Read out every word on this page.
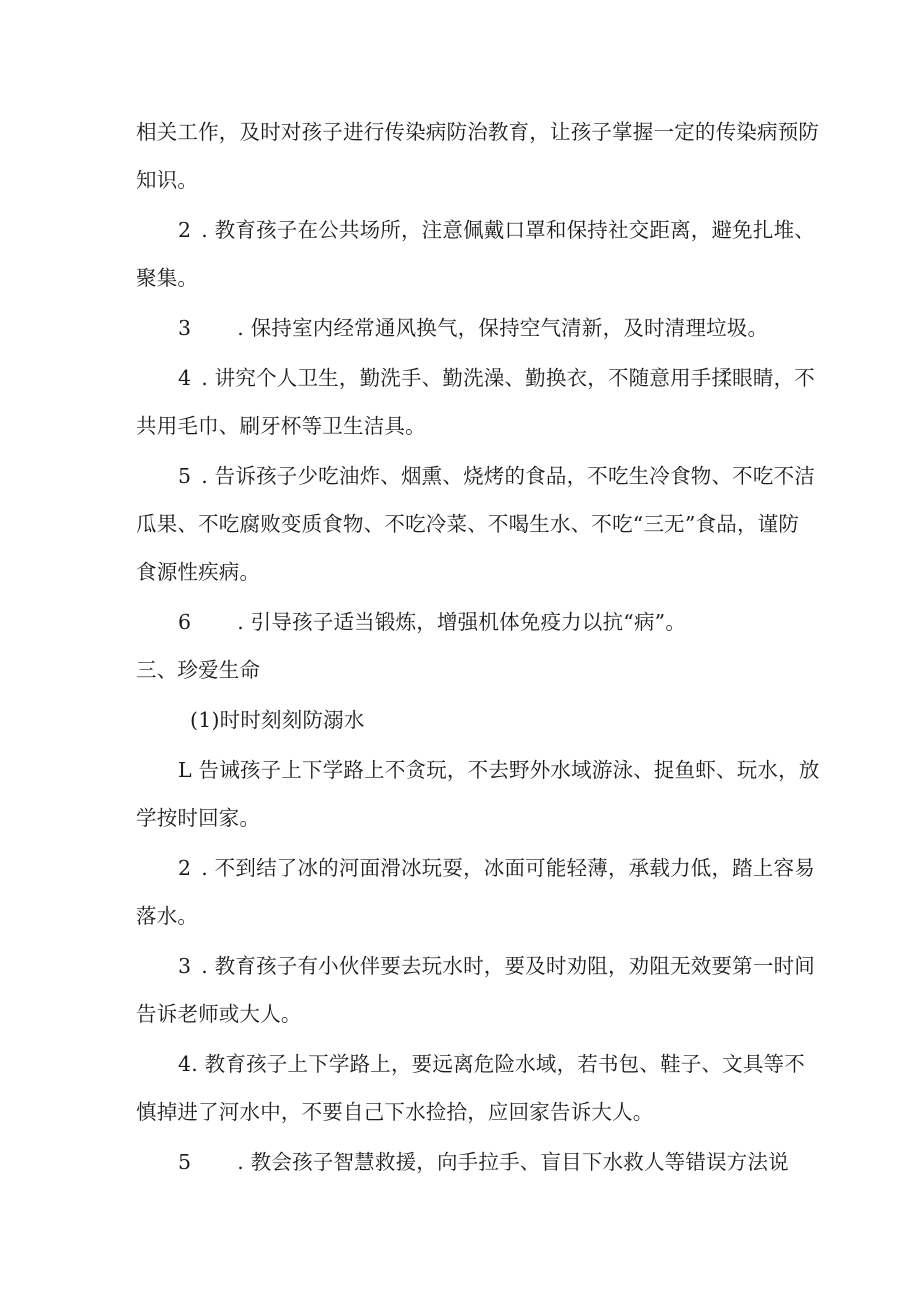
相关工作，及时对孩子进行传染病防治教育，让孩子掌握一定的传染病预防
知识。
2 . 教育孩子在公共场所，注意佩戴口罩和保持社交距离，避免扎堆、
聚集。
3 . 保持室内经常通风换气，保持空气清新，及时清理垃圾。
4 . 讲究个人卫生，勤洗手、勤洗澡、勤换衣，不随意用手揉眼睛，不
共用毛巾、刷牙杯等卫生洁具。
5 . 告诉孩子少吃油炸、烟熏、烧烤的食品，不吃生冷食物、不吃不洁
瓜果、不吃腐败变质食物、不吃冷菜、不喝生水、不吃“三无”食品，谨防
食源性疾病。
6 . 引导孩子适当锻炼，增强机体免疫力以抗“病”。
三、珍爱生命
(1)时时刻刻防溺水
L 告诫孩子上下学路上不贪玩，不去野外水域游泳、捉鱼虾、玩水，放
学按时回家。
2 . 不到结了冰的河面滑冰玩耍，冰面可能轻薄，承载力低，踏上容易
落水。
3 . 教育孩子有小伙伴要去玩水时，要及时劝阻，劝阻无效要第一时间
告诉老师或大人。
4. 教育孩子上下学路上，要远离危险水域，若书包、鞋子、文具等不
慎掉进了河水中，不要自己下水捡拾，应回家告诉大人。
5 . 教会孩子智慧救援，向手拉手、盲目下水救人等错误方法说
